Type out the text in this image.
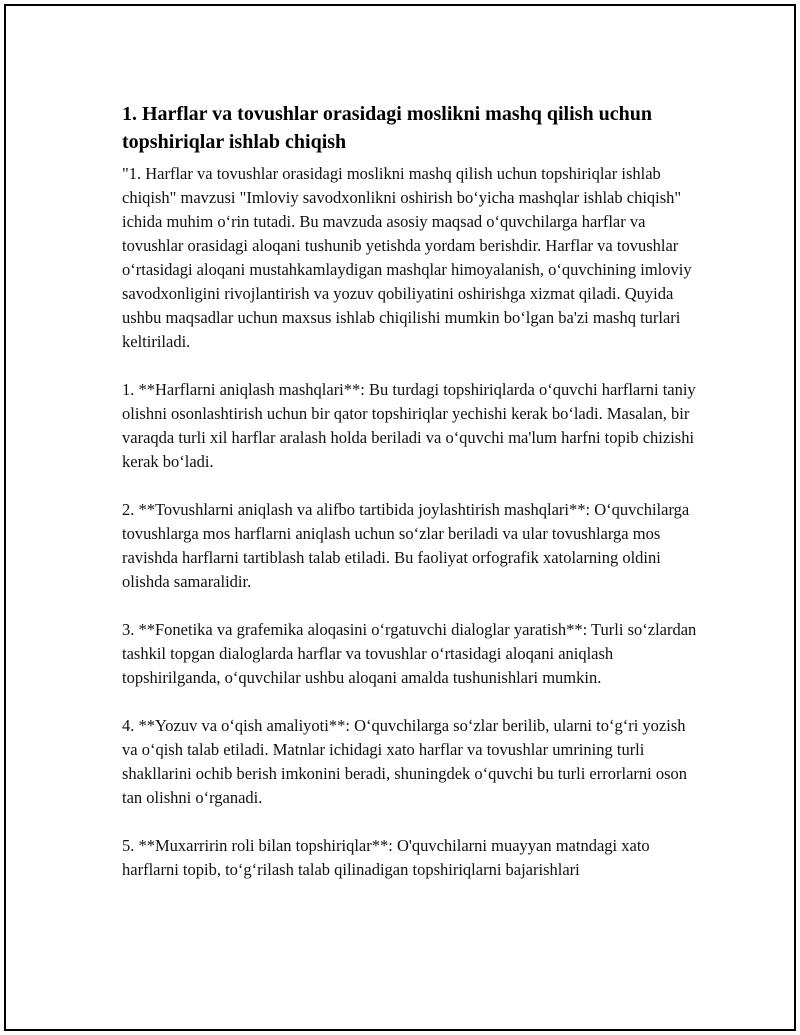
1. Harflar va tovushlar orasidagi moslikni mashq qilish uchun topshiriqlar ishlab chiqish

"1. Harflar va tovushlar orasidagi moslikni mashq qilish uchun topshiriqlar ishlab chiqish" mavzusi "Imloviy savodxonlikni oshirish bo‘yicha mashqlar ishlab chiqish" ichida muhim o‘rin tutadi. Bu mavzuda asosiy maqsad o‘quvchilarga harflar va tovushlar orasidagi aloqani tushunib yetishda yordam berishdir. Harflar va tovushlar o‘rtasidagi aloqani mustahkamlaydigan mashqlar himoyalanish, o‘quvchining imloviy savodxonligini rivojlantirish va yozuv qobiliyatini oshirishga xizmat qiladi. Quyida ushbu maqsadlar uchun maxsus ishlab chiqilishi mumkin bo‘lgan ba'zi mashq turlari keltiriladi.

1. **Harflarni aniqlash mashqlari**: Bu turdagi topshiriqlarda o‘quvchi harflarni taniy olishni osonlashtirish uchun bir qator topshiriqlar yechishi kerak bo‘ladi. Masalan, bir varaqda turli xil harflar aralash holda beriladi va o‘quvchi ma'lum harfni topib chizishi kerak bo‘ladi.

2. **Tovushlarni aniqlash va alifbo tartibida joylashtirish mashqlari**: O‘quvchilarga tovushlarga mos harflarni aniqlash uchun so‘zlar beriladi va ular tovushlarga mos ravishda harflarni tartiblash talab etiladi. Bu faoliyat orfografik xatolarning oldini olishda samaralidir.

3. **Fonetika va grafemika aloqasini o‘rgatuvchi dialoglar yaratish**: Turli so‘zlardan tashkil topgan dialoglarda harflar va tovushlar o‘rtasidagi aloqani aniqlash topshirilganda, o‘quvchilar ushbu aloqani amalda tushunishlari mumkin.

4. **Yozuv va o‘qish amaliyoti**: O‘quvchilarga so‘zlar berilib, ularni to‘g‘ri yozish va o‘qish talab etiladi. Matnlar ichidagi xato harflar va tovushlar umrining turli shakllarini ochib berish imkonini beradi, shuningdek o‘quvchi bu turli errorlarni oson tan olishni o‘rganadi.

5. **Muxarririn roli bilan topshiriqlar**: O'quvchilarni muayyan matndagi xato harflarni topib, to‘g‘rilash talab qilinadigan topshiriqlarni bajarishlari
